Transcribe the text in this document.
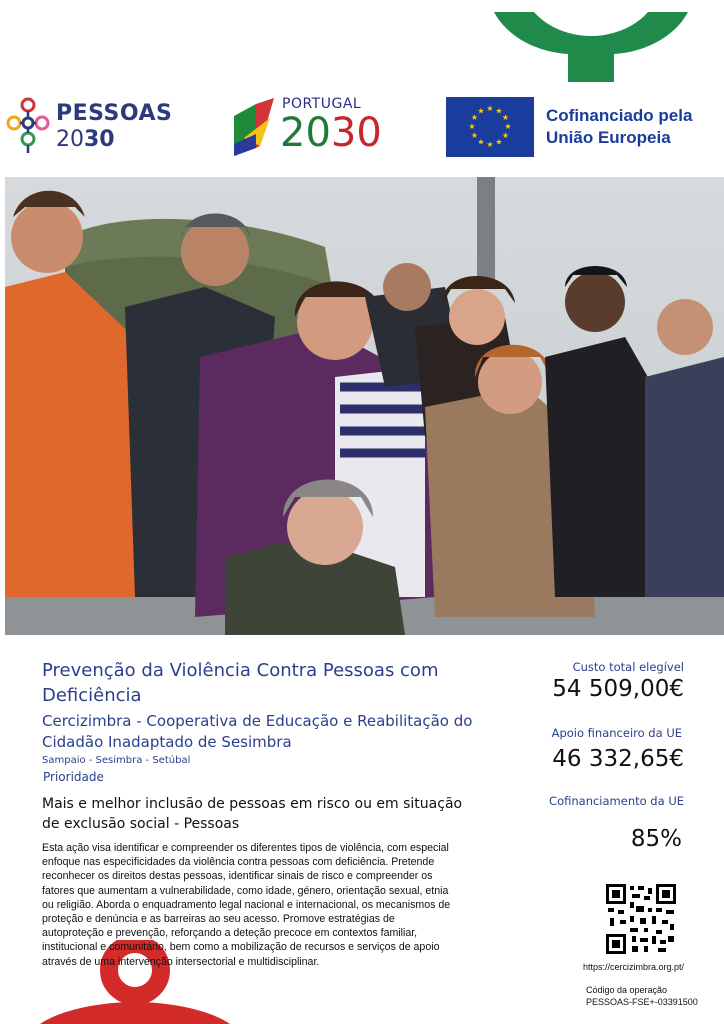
PESSOAS
2030
PORTUGAL
2030
★ ★
★
★
★
★
★
★
★
★
★
★	Cofinanciado pela
União Europeia
Prevenção da Violência Contra Pessoas com Deficiência
Cercizimbra - Cooperativa de Educação e Reabilitação do Cidadão Inadaptado de Sesimbra
Sampaio - Sesimbra - Setúbal
Prioridade
Mais e melhor inclusão de pessoas em risco ou em situação de exclusão social - Pessoas
Esta ação visa identificar e compreender os diferentes tipos de violência, com especial enfoque nas especificidades da violência contra pessoas com deficiência. Pretende reconhecer os direitos destas pessoas, identificar sinais de risco e compreender os fatores que aumentam a vulnerabilidade, como idade, género, orientação sexual, etnia ou religião. Aborda o enquadramento legal nacional e internacional, os mecanismos de proteção e denúncia e as barreiras ao seu acesso. Promove estratégias de autoproteção e prevenção, reforçando a deteção precoce em contextos familiar, institucional e comunitário, bem como a mobilização de recursos e serviços de apoio através de uma intervenção intersectorial e multidisciplinar.
Custo total elegível
54 509,00€
Apoio financeiro da UE
46 332,65€
Cofinanciamento da UE
85%
https://cercizimbra.org.pt/
Código da operação
PESSOAS-FSE+-03391500
